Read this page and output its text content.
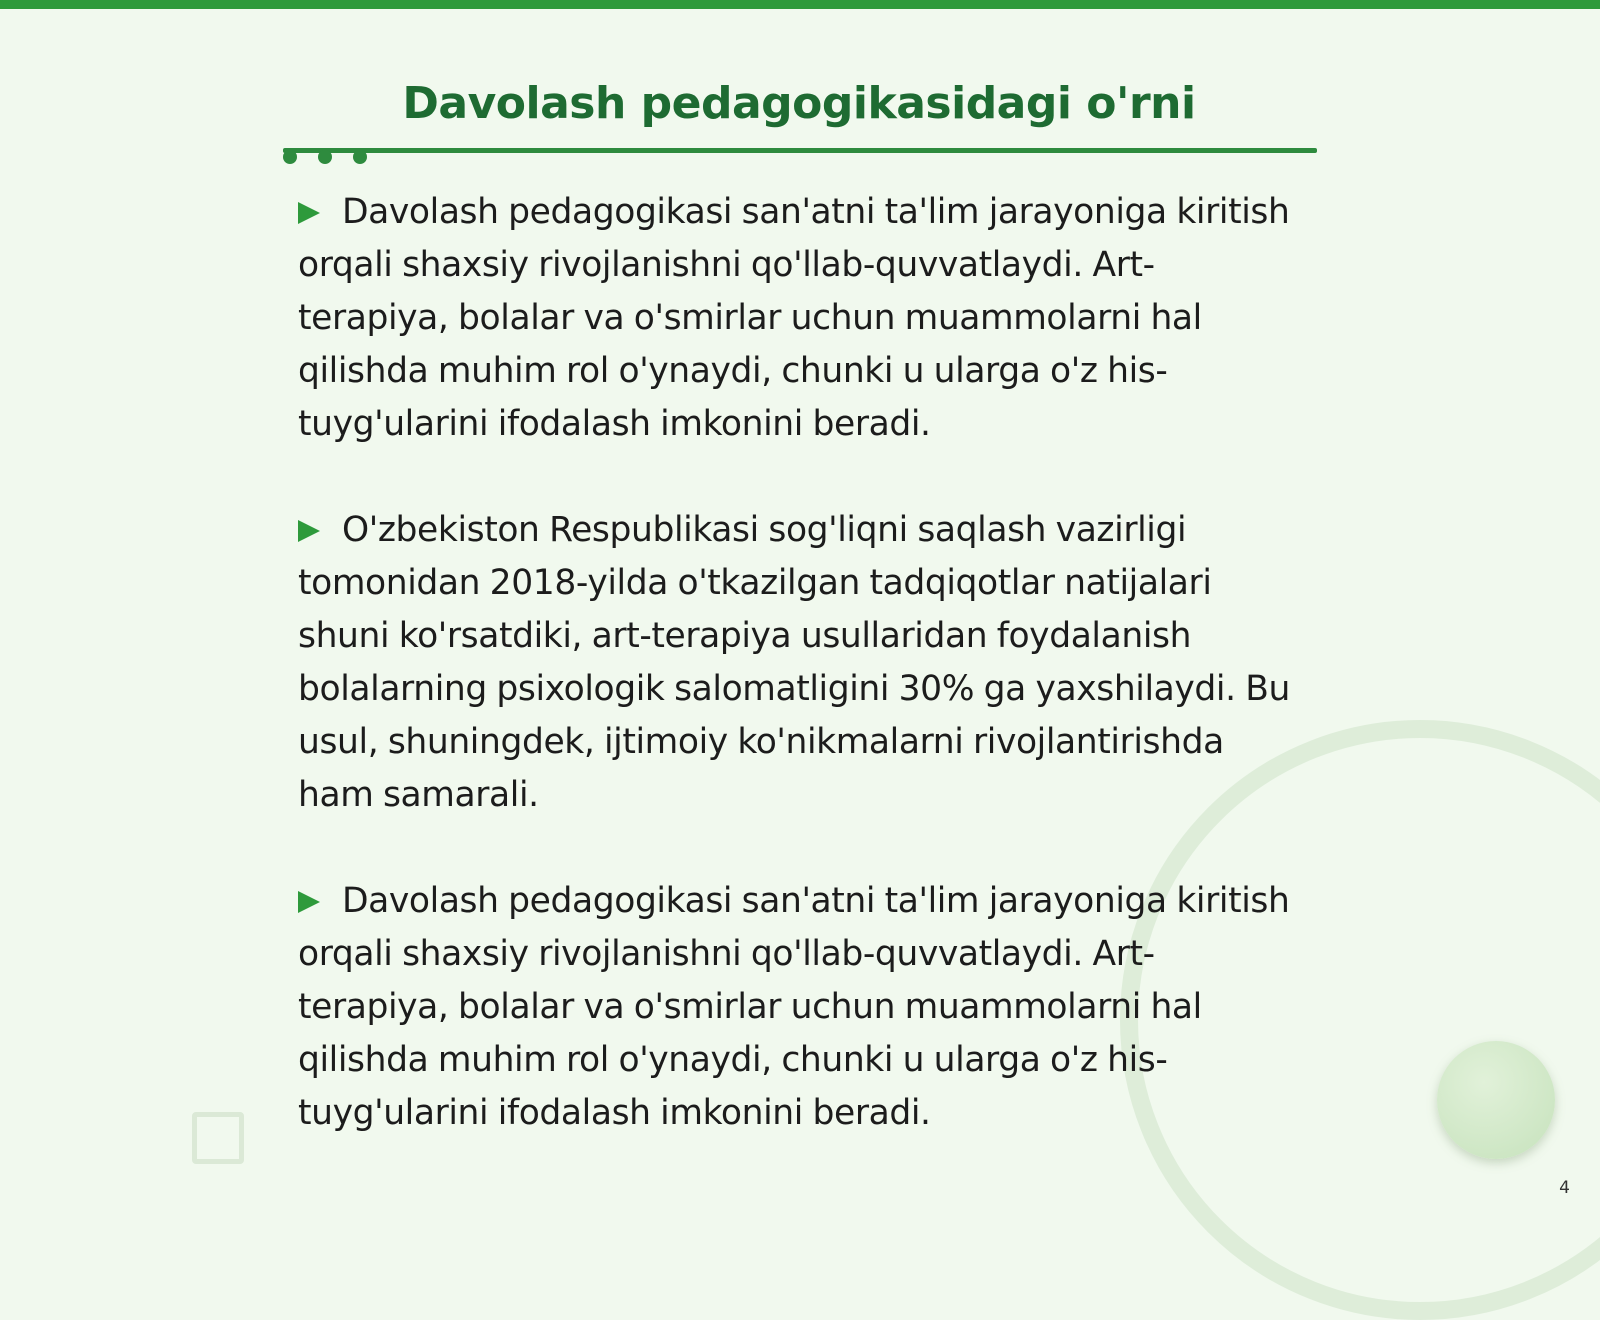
Davolash pedagogikasidagi o'rni

Davolash pedagogikasi san'atni ta'lim jarayoniga kiritish orqali shaxsiy rivojlanishni qo'llab-quvvatlaydi. Art-terapiya, bolalar va o'smirlar uchun muammolarni hal qilishda muhim rol o'ynaydi, chunki u ularga o'z his-tuyg'ularini ifodalash imkonini beradi.

O'zbekiston Respublikasi sog'liqni saqlash vazirligi tomonidan 2018-yilda o'tkazilgan tadqiqotlar natijalari shuni ko'rsatdiki, art-terapiya usullaridan foydalanish bolalarning psixologik salomatligini 30% ga yaxshilaydi. Bu usul, shuningdek, ijtimoiy ko'nikmalarni rivojlantirishda ham samarali.

Davolash pedagogikasi san'atni ta'lim jarayoniga kiritish orqali shaxsiy rivojlanishni qo'llab-quvvatlaydi. Art-terapiya, bolalar va o'smirlar uchun muammolarni hal qilishda muhim rol o'ynaydi, chunki u ularga o'z his-tuyg'ularini ifodalash imkonini beradi.

4
